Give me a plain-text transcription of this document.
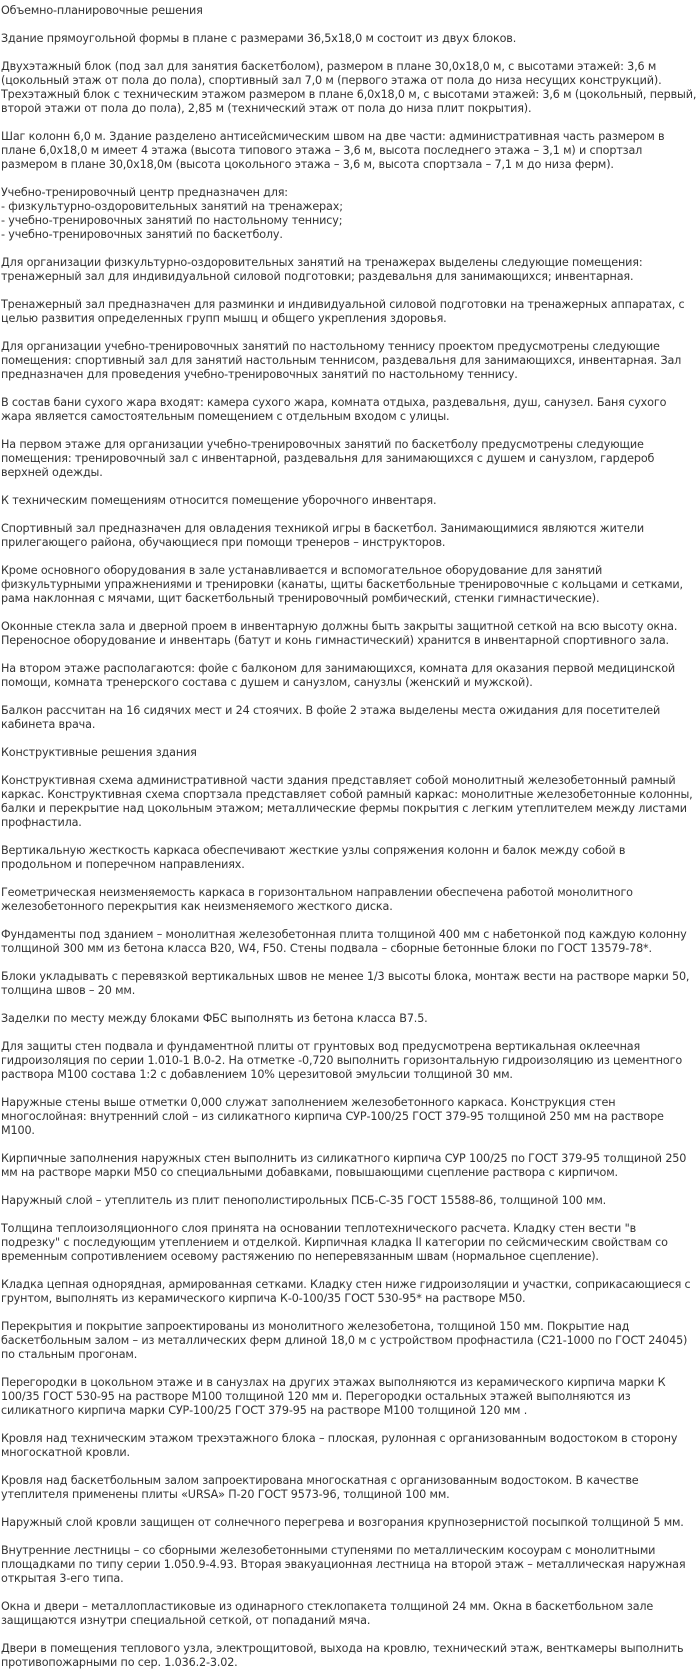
Объемно-планировочные решения

Здание прямоугольной формы в плане с размерами 36,5х18,0 м состоит из двух блоков.

Двухэтажный блок (под зал для занятия баскетболом), размером в плане 30,0х18,0 м, с высотами этажей: 3,6 м (цокольный этаж от пола до пола), спортивный зал 7,0 м (первого этажа от пола до низа несущих конструкций). Трехэтажный блок с техническим этажом размером в плане 6,0х18,0 м, с высотами этажей: 3,6 м (цокольный, первый, второй этажи от пола до пола), 2,85 м (технический этаж от пола до низа плит покрытия).

Шаг колонн 6,0 м. Здание разделено антисейсмическим швом на две части: административная часть размером в плане 6,0х18,0 м имеет 4 этажа (высота типового этажа – 3,6 м, высота последнего этажа – 3,1 м) и спортзал размером в плане 30,0х18,0м (высота цокольного этажа – 3,6 м, высота спортзала – 7,1 м до низа ферм).

Учебно-тренировочный центр предназначен для:
- физкультурно-оздоровительных занятий на тренажерах;
- учебно-тренировочных занятий по настольному теннису;
- учебно-тренировочных занятий по баскетболу.

Для организации физкультурно-оздоровительных занятий на тренажерах выделены следующие помещения: тренажерный зал для индивидуальной силовой подготовки; раздевальня для занимающихся; инвентарная.

Тренажерный зал предназначен для разминки и индивидуальной силовой подготовки на тренажерных аппаратах, с целью развития определенных групп мышц и общего укрепления здоровья.

Для организации учебно-тренировочных занятий по настольному теннису проектом предусмотрены следующие помещения: спортивный зал для занятий настольным теннисом, раздевальня для занимающихся, инвентарная. Зал предназначен для проведения учебно-тренировочных занятий по настольному теннису.

В состав бани сухого жара входят: камера сухого жара, комната отдыха, раздевальня, душ, санузел. Баня сухого жара является самостоятельным помещением с отдельным входом с улицы.

На первом этаже для организации учебно-тренировочных занятий по баскетболу предусмотрены следующие помещения: тренировочный зал с инвентарной, раздевальня для занимающихся с душем и санузлом, гардероб верхней одежды.

К техническим помещениям относится помещение уборочного инвентаря.

Спортивный зал предназначен для овладения техникой игры в баскетбол. Занимающимися являются жители прилегающего района, обучающиеся при помощи тренеров – инструкторов.

Кроме основного оборудования в зале устанавливается и вспомогательное оборудование для занятий физкультурными упражнениями и тренировки (канаты, щиты баскетбольные тренировочные с кольцами и сетками, рама наклонная с мячами, щит баскетбольный тренировочный ромбический, стенки гимнастические).

Оконные стекла зала и дверной проем в инвентарную должны быть закрыты защитной сеткой на всю высоту окна. Переносное оборудование и инвентарь (батут и конь гимнастический) хранится в инвентарной спортивного зала.

На втором этаже располагаются: фойе с балконом для занимающихся, комната для оказания первой медицинской помощи, комната тренерского состава с душем и санузлом, санузлы (женский и мужской).

Балкон рассчитан на 16 сидячих мест и 24 стоячих. В фойе 2 этажа выделены места ожидания для посетителей кабинета врача.

Конструктивные решения здания

Конструктивная схема административной части здания представляет собой монолитный железобетонный рамный каркас. Конструктивная схема спортзала представляет собой рамный каркас: монолитные железобетонные колонны, балки и перекрытие над цокольным этажом; металлические фермы покрытия с легким утеплителем между листами профнастила.

Вертикальную жесткость каркаса обеспечивают жесткие узлы сопряжения колонн и балок между собой в продольном и поперечном направлениях.

Геометрическая неизменяемость каркаса в горизонтальном направлении обеспечена работой монолитного железобетонного перекрытия как неизменяемого жесткого диска.

Фундаменты под зданием – монолитная железобетонная плита толщиной 400 мм с набетонкой под каждую колонну толщиной 300 мм из бетона класса В20, W4, F50. Стены подвала – сборные бетонные блоки по ГОСТ 13579-78*.

Блоки укладывать с перевязкой вертикальных швов не менее 1/3 высоты блока, монтаж вести на растворе марки 50, толщина швов – 20 мм.

Заделки по месту между блоками ФБС выполнять из бетона класса В7.5.

Для защиты стен подвала и фундаментной плиты от грунтовых вод предусмотрена вертикальная оклеечная гидроизоляция по серии 1.010-1 В.0-2. На отметке -0,720 выполнить горизонтальную гидроизоляцию из цементного раствора М100 состава 1:2 с добавлением 10% церезитовой эмульсии толщиной 30 мм.

Наружные стены выше отметки 0,000 служат заполнением железобетонного каркаса. Конструкция стен многослойная: внутренний слой – из силикатного кирпича СУР-100/25 ГОСТ 379-95 толщиной 250 мм на растворе М100.

Кирпичные заполнения наружных стен выполнить из силикатного кирпича СУР 100/25 по ГОСТ 379-95 толщиной 250 мм на растворе марки М50 со специальными добавками, повышающими сцепление раствора с кирпичом.

Наружный слой – утеплитель из плит пенополистирольных ПСБ-С-35 ГОСТ 15588-86, толщиной 100 мм.

Толщина теплоизоляционного слоя принята на основании теплотехнического расчета. Кладку стен вести "в подрезку" с последующим утеплением и отделкой. Кирпичная кладка II категории по сейсмическим свойствам со временным сопротивлением осевому растяжению по неперевязанным швам (нормальное сцепление).

Кладка цепная однорядная, армированная сетками. Кладку стен ниже гидроизоляции и участки, соприкасающиеся с грунтом, выполнять из керамического кирпича К-0-100/35 ГОСТ 530-95* на растворе М50.

Перекрытия и покрытие запроектированы из монолитного железобетона, толщиной 150 мм. Покрытие над баскетбольным залом – из металлических ферм длиной 18,0 м с устройством профнастила (С21-1000 по ГОСТ 24045) по стальным прогонам.

Перегородки в цокольном этаже и в санузлах на других этажах выполняются из керамического кирпича марки К 100/35 ГОСТ 530-95 на растворе М100 толщиной 120 мм и. Перегородки остальных этажей выполняются из силикатного кирпича марки СУР-100/25 ГОСТ 379-95 на растворе М100 толщиной 120 мм .

Кровля над техническим этажом трехэтажного блока – плоская, рулонная с организованным водостоком в сторону многоскатной кровли.

Кровля над баскетбольным залом запроектирована многоскатная с организованным водостоком. В качестве утеплителя применены плиты «URSA» П-20 ГОСТ 9573-96, толщиной 100 мм.

Наружный слой кровли защищен от солнечного перегрева и возгорания крупнозернистой посыпкой толщиной 5 мм.

Внутренние лестницы – со сборными железобетонными ступенями по металлическим косоурам с монолитными площадками по типу серии 1.050.9-4.93. Вторая эвакуационная лестница на второй этаж – металлическая наружная открытая 3-его типа.

Окна и двери – металлопластиковые из одинарного стеклопакета толщиной 24 мм. Окна в баскетбольном зале защищаются изнутри специальной сеткой, от попаданий мяча.

Двери в помещения теплового узла, электрощитовой, выхода на кровлю, технический этаж, венткамеры выполнить противопожарными по сер. 1.036.2-3.02.
